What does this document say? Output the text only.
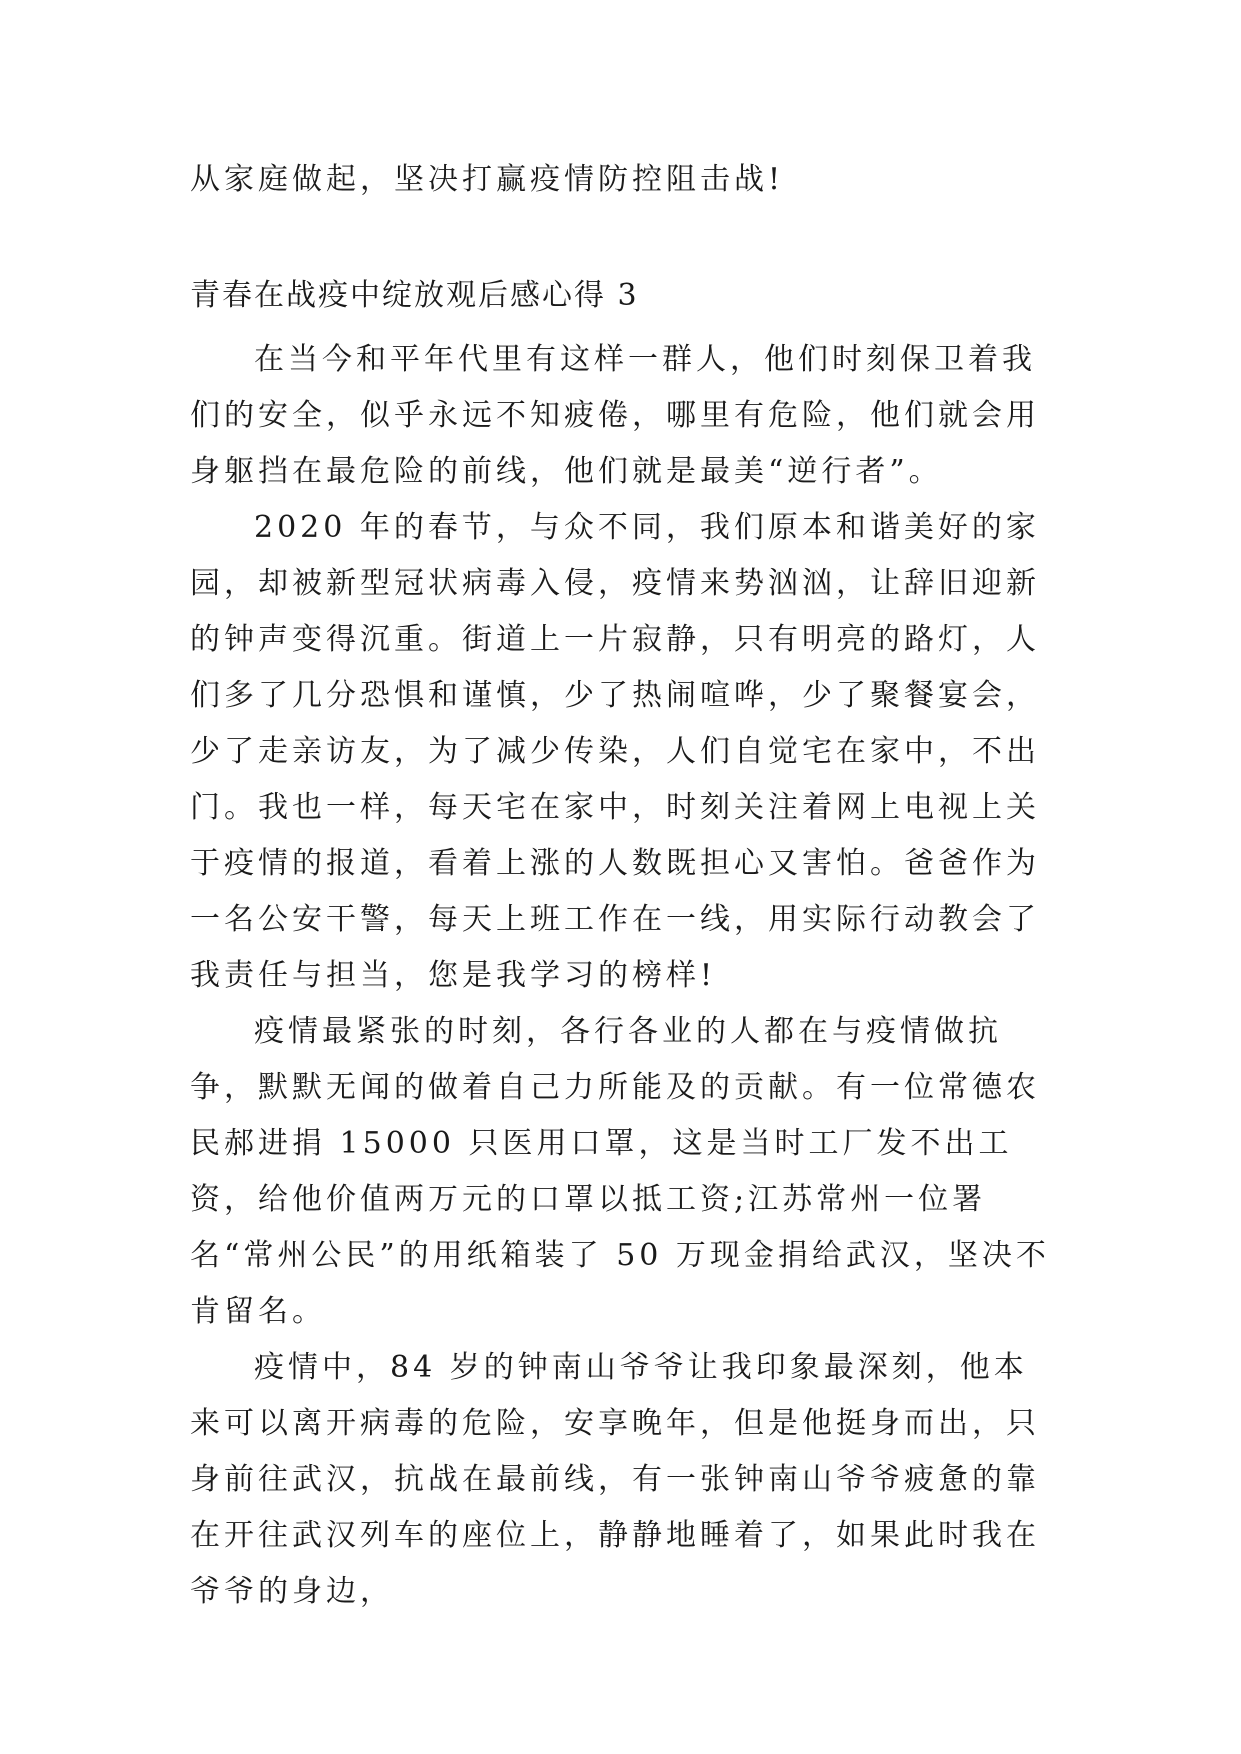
从家庭做起，坚决打赢疫情防控阻击战!
青春在战疫中绽放观后感心得 3

在当今和平年代里有这样一群人，他们时刻保卫着我们的安全，似乎永远不知疲倦，哪里有危险，他们就会用身躯挡在最危险的前线，他们就是最美“逆行者”。

2020 年的春节，与众不同，我们原本和谐美好的家园，却被新型冠状病毒入侵，疫情来势汹汹，让辞旧迎新的钟声变得沉重。街道上一片寂静，只有明亮的路灯，人们多了几分恐惧和谨慎，少了热闹喧哗，少了聚餐宴会，少了走亲访友，为了减少传染，人们自觉宅在家中，不出门。我也一样，每天宅在家中，时刻关注着网上电视上关于疫情的报道，看着上涨的人数既担心又害怕。爸爸作为一名公安干警，每天上班工作在一线，用实际行动教会了我责任与担当，您是我学习的榜样!

疫情最紧张的时刻，各行各业的人都在与疫情做抗争，默默无闻的做着自己力所能及的贡献。有一位常德农民郝进捐 15000 只医用口罩，这是当时工厂发不出工资，给他价值两万元的口罩以抵工资;江苏常州一位署名“常州公民”的用纸箱装了 50 万现金捐给武汉，坚决不肯留名。

疫情中，84 岁的钟南山爷爷让我印象最深刻，他本来可以离开病毒的危险，安享晚年，但是他挺身而出，只身前往武汉，抗战在最前线，有一张钟南山爷爷疲惫的靠在开往武汉列车的座位上，静静地睡着了，如果此时我在爷爷的身边，
